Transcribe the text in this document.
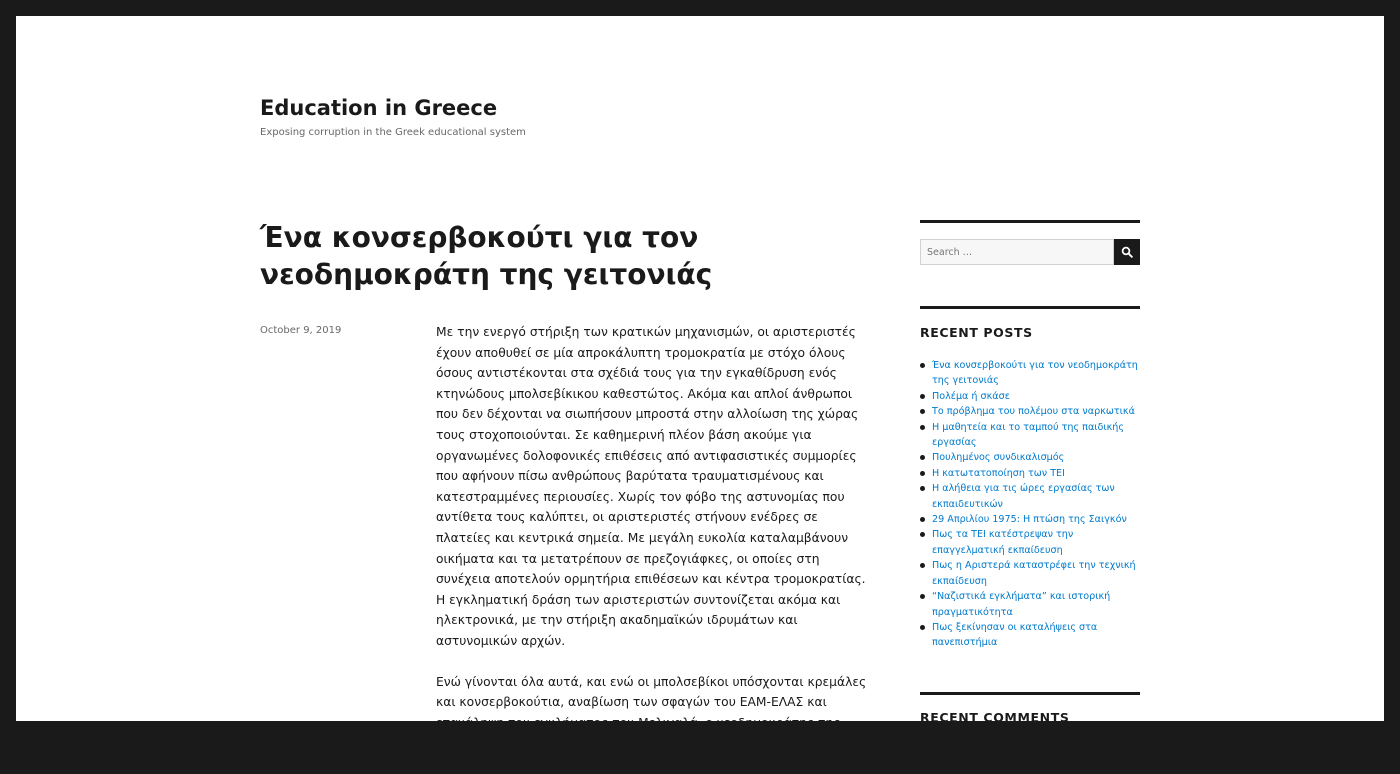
Education in Greece

Exposing corruption in the Greek educational system

Ένα κονσερβοκούτι για τον νεοδημοκράτη της γειτονιάς
October 9, 2019	Με την ενεργό στήριξη των κρατικών μηχανισμών, οι αριστεριστές έχουν αποθυθεί σε μία απροκάλυπτη τρομοκρατία με στόχο όλους όσους αντιστέκονται στα σχέδιά τους για την εγκαθίδρυση ενός κτηνώδους μπολσεβίκικου καθεστώτος. Ακόμα και απλοί άνθρωποι που δεν δέχονται να σιωπήσουν μπροστά στην αλλοίωση της χώρας τους στοχοποιούνται. Σε καθημερινή πλέον βάση ακούμε για οργανωμένες δολοφονικές επιθέσεις από αντιφασιστικές συμμορίες που αφήνουν πίσω ανθρώπους βαρύτατα τραυματισμένους και κατεστραμμένες περιουσίες. Χωρίς τον φόβο της αστυνομίας που αντίθετα τους καλύπτει, οι αριστεριστές στήνουν ενέδρες σε πλατείες και κεντρικά σημεία. Με μεγάλη ευκολία καταλαμβάνουν οικήματα και τα μετατρέπουν σε πρεζογιάφκες, οι οποίες στη συνέχεια αποτελούν ορμητήρια επιθέσεων και κέντρα τρομοκρατίας. Η εγκληματική δράση των αριστεριστών συντονίζεται ακόμα και ηλεκτρονικά, με την στήριξη ακαδημαϊκών ιδρυμάτων και αστυνομικών αρχών.

Ενώ γίνονται όλα αυτά, και ενώ οι μπολσεβίκοι υπόσχονται κρεμάλες και κονσερβοκούτια, αναβίωση των σφαγών του ΕΑΜ-ΕΛΑΣ και επανάληψη του εγκλήματος του Μελιγαλά, ο νεοδημοκράτης της γειτονιάς σου δεν

Search …
RECENT POSTS
Ένα κονσερβοκούτι για τον νεοδημοκράτη της γειτονιάς
Πολέμα ή σκάσε
Το πρόβλημα του πολέμου στα ναρκωτικά
Η μαθητεία και το ταμπού της παιδικής εργασίας
Πουλημένος συνδικαλισμός
Η κατωτατοποίηση των ΤΕΙ
Η αλήθεια για τις ώρες εργασίας των εκπαιδευτικών
29 Απριλίου 1975: Η πτώση της Σαιγκόν
Πως τα ΤΕΙ κατέστρεψαν την επαγγελματική εκπαίδευση
Πως η Αριστερά καταστρέφει την τεχνική εκπαίδευση
“Ναζιστικά εγκλήματα” και ιστορική πραγματικότητα
Πως ξεκίνησαν οι καταλήψεις στα πανεπιστήμια
RECENT COMMENTS
